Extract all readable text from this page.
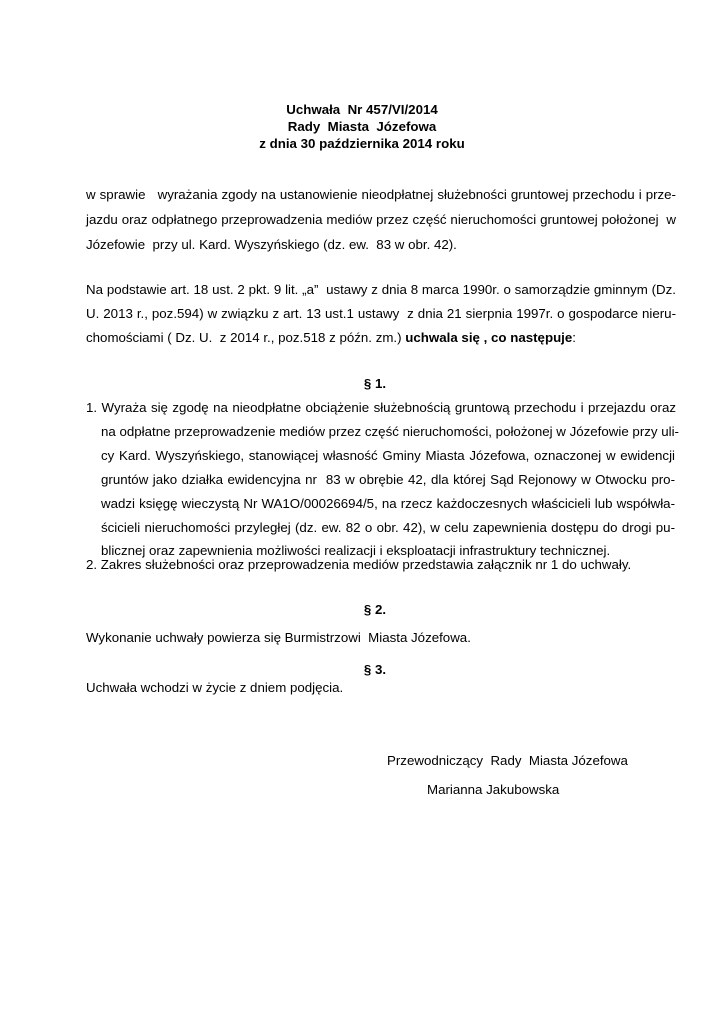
Uchwała  Nr 457/VI/2014
Rady  Miasta  Józefowa
z dnia 30 października 2014 roku
w sprawie   wyrażania zgody na ustanowienie nieodpłatnej służebności gruntowej przechodu i prze-
jazdu oraz odpłatnego przeprowadzenia mediów przez część nieruchomości gruntowej położonej  w
Józefowie  przy ul. Kard. Wyszyńskiego (dz. ew.  83 w obr. 42).
Na podstawie art. 18 ust. 2 pkt. 9 lit. „a”  ustawy z dnia 8 marca 1990r. o samorządzie gminnym (Dz.
U. 2013 r., poz.594) w związku z art. 13 ust.1 ustawy  z dnia 21 sierpnia 1997r. o gospodarce nieru-
chomościami ( Dz. U.  z 2014 r., poz.518 z późn. zm.) uchwala się , co następuje:
§ 1.
1. Wyraża się zgodę na nieodpłatne obciążenie służebnością gruntową przechodu i przejazdu oraz
na odpłatne przeprowadzenie mediów przez część nieruchomości, położonej w Józefowie przy uli-
cy Kard. Wyszyńskiego, stanowiącej własność Gminy Miasta Józefowa, oznaczonej w ewidencji
gruntów jako działka ewidencyjna nr  83 w obrębie 42, dla której Sąd Rejonowy w Otwocku pro-
wadzi księgę wieczystą Nr WA1O/00026694/5, na rzecz każdoczesnych właścicieli lub współwła-
ścicieli nieruchomości przyległej (dz. ew. 82 o obr. 42), w celu zapewnienia dostępu do drogi pu-
blicznej oraz zapewnienia możliwości realizacji i eksploatacji infrastruktury technicznej.
2. Zakres służebności oraz przeprowadzenia mediów przedstawia załącznik nr 1 do uchwały.
§ 2.
Wykonanie uchwały powierza się Burmistrzowi  Miasta Józefowa.
§ 3.
Uchwała wchodzi w życie z dniem podjęcia.
Przewodniczący  Rady  Miasta Józefowa
Marianna Jakubowska
